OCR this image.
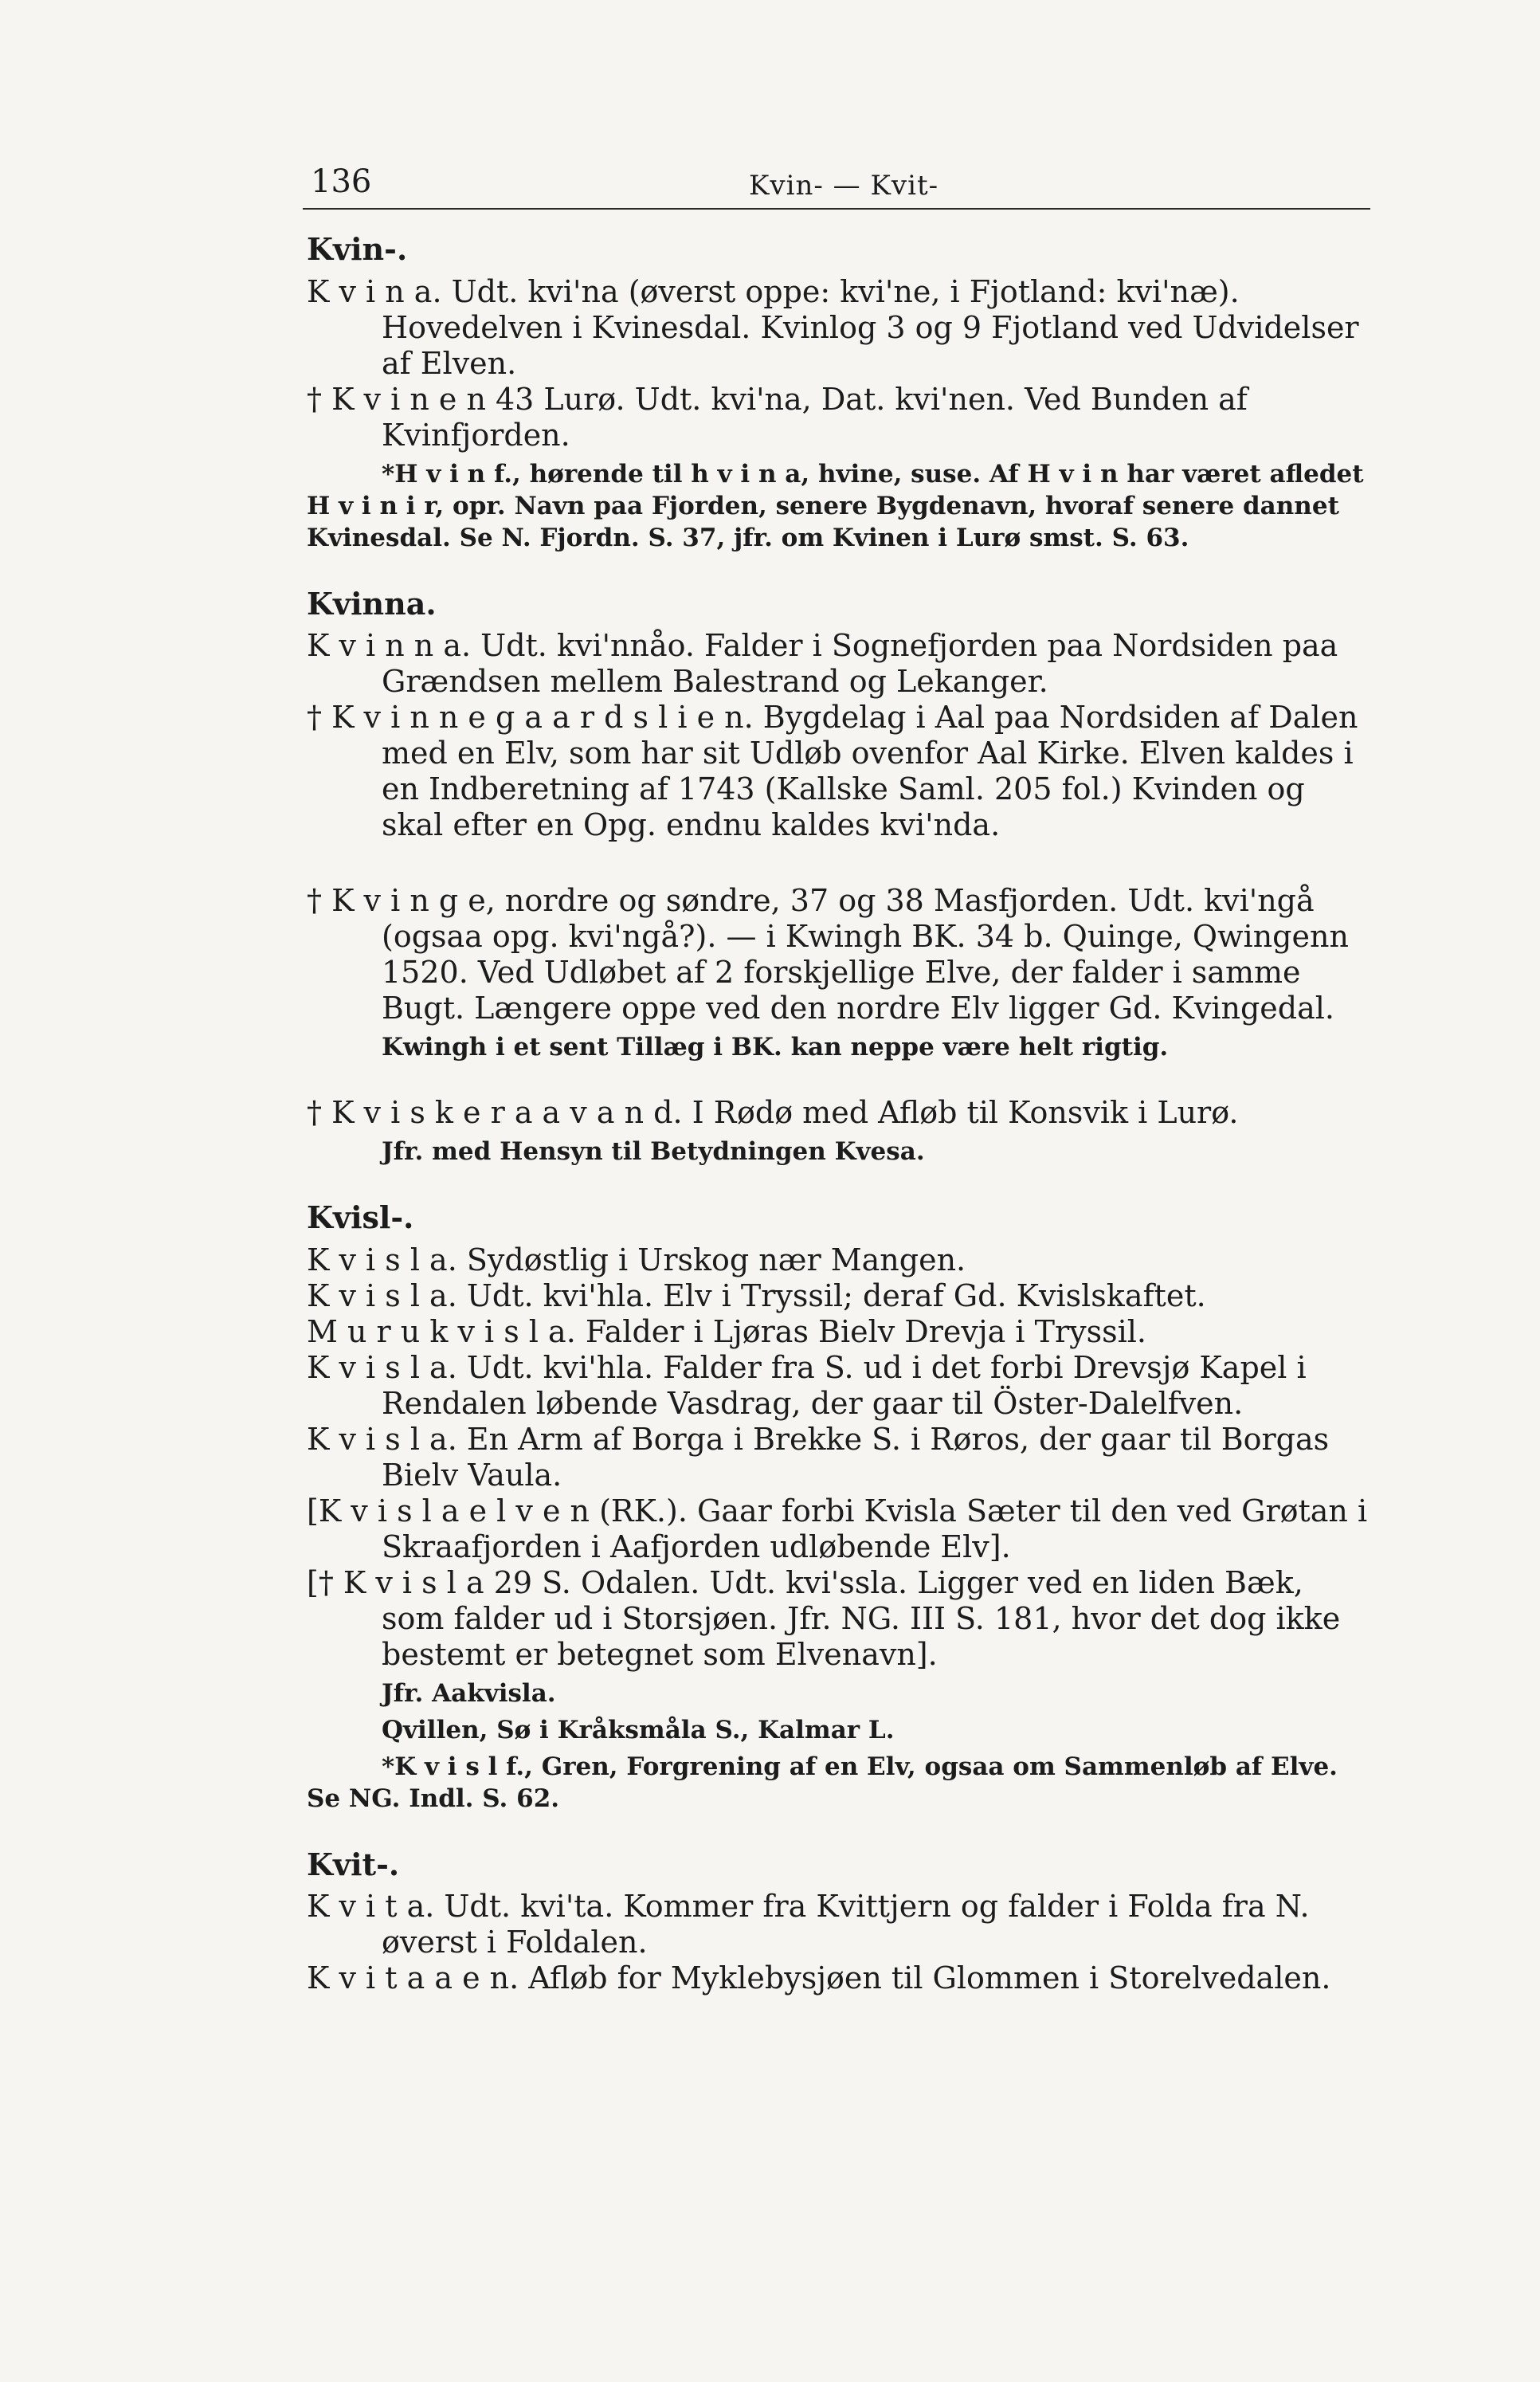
136	Kvin- — Kvit-

Kvin-.

K v i n a. Udt. kvi'na (øverst oppe: kvi'ne, i Fjotland: kvi'næ). Hovedelven i Kvinesdal. Kvinlog 3 og 9 Fjotland ved Udvidelser af Elven.

† K v i n e n 43 Lurø. Udt. kvi'na, Dat. kvi'nen. Ved Bunden af Kvinfjorden.

*H v i n f., hørende til h v i n a, hvine, suse. Af H v i n har været afledet H v i n i r, opr. Navn paa Fjorden, senere Bygdenavn, hvoraf senere dannet Kvinesdal. Se N. Fjordn. S. 37, jfr. om Kvinen i Lurø smst. S. 63.

Kvinna.

K v i n n a. Udt. kvi'nnåo. Falder i Sognefjorden paa Nordsiden paa Grændsen mellem Balestrand og Lekanger.

† K v i n n e g a a r d s l i e n. Bygdelag i Aal paa Nordsiden af Dalen med en Elv, som har sit Udløb ovenfor Aal Kirke. Elven kaldes i en Indberetning af 1743 (Kallske Saml. 205 fol.) Kvinden og skal efter en Opg. endnu kaldes kvi'nda.

† K v i n g e, nordre og søndre, 37 og 38 Masfjorden. Udt. kvi'ngå (ogsaa opg. kvi'ngå?). — i Kwingh BK. 34 b. Quinge, Qwingenn 1520. Ved Udløbet af 2 forskjellige Elve, der falder i samme Bugt. Længere oppe ved den nordre Elv ligger Gd. Kvingedal.

Kwingh i et sent Tillæg i BK. kan neppe være helt rigtig.

† K v i s k e r a a v a n d. I Rødø med Afløb til Konsvik i Lurø.

Jfr. med Hensyn til Betydningen Kvesa.

Kvisl-.

K v i s l a. Sydøstlig i Urskog nær Mangen.

K v i s l a. Udt. kvi'hla. Elv i Tryssil; deraf Gd. Kvislskaftet.

M u r u k v i s l a. Falder i Ljøras Bielv Drevja i Tryssil.

K v i s l a. Udt. kvi'hla. Falder fra S. ud i det forbi Drevsjø Kapel i Rendalen løbende Vasdrag, der gaar til Öster-Dalelfven.

K v i s l a. En Arm af Borga i Brekke S. i Røros, der gaar til Borgas Bielv Vaula.

[K v i s l a e l v e n (RK.). Gaar forbi Kvisla Sæter til den ved Grøtan i Skraafjorden i Aafjorden udløbende Elv].

[† K v i s l a 29 S. Odalen. Udt. kvi'ssla. Ligger ved en liden Bæk, som falder ud i Storsjøen. Jfr. NG. III S. 181, hvor det dog ikke bestemt er betegnet som Elvenavn].

Jfr. Aakvisla.

Qvillen, Sø i Kråksmåla S., Kalmar L.

*K v i s l f., Gren, Forgrening af en Elv, ogsaa om Sammenløb af Elve. Se NG. Indl. S. 62.

Kvit-.

K v i t a. Udt. kvi'ta. Kommer fra Kvittjern og falder i Folda fra N. øverst i Foldalen.

K v i t a a e n. Afløb for Myklebysjøen til Glommen i Storelvedalen.
